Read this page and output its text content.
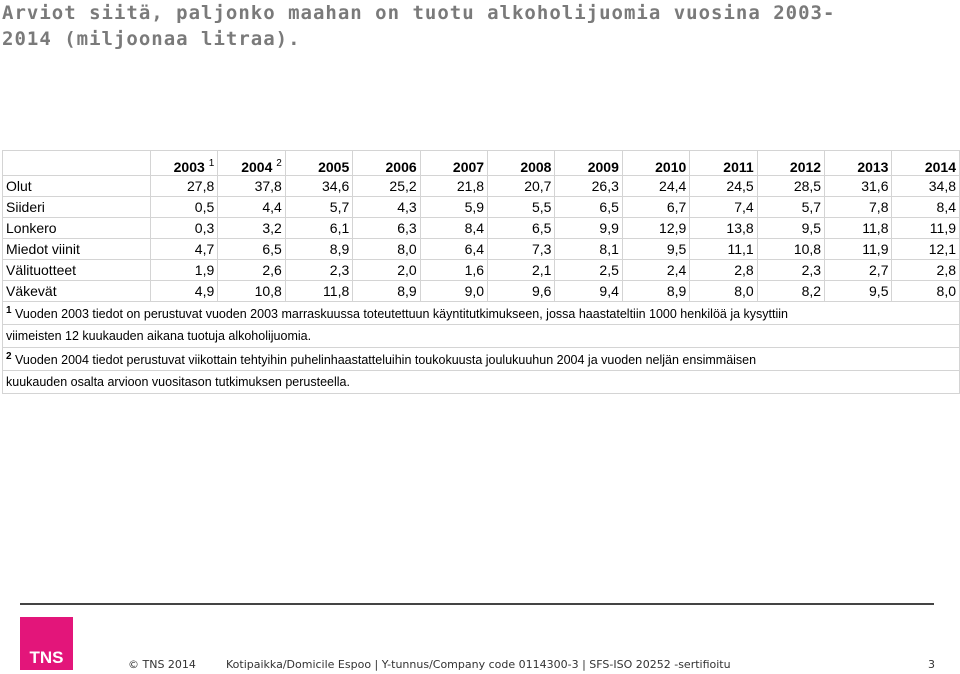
Arviot siitä, paljonko maahan on tuotu alkoholijuomia vuosina 2003-2014 (miljoonaa litraa).
	2003 $^1$	2004 $^2$	2005	2006	2007	2008	2009	2010	2011	2012	2013	2014
Olut	27,8	37,8	34,6	25,2	21,8	20,7	26,3	24,4	24,5	28,5	31,6	34,8
Siideri	0,5	4,4	5,7	4,3	5,9	5,5	6,5	6,7	7,4	5,7	7,8	8,4
Lonkero	0,3	3,2	6,1	6,3	8,4	6,5	9,9	12,9	13,8	9,5	11,8	11,9
Miedot viinit	4,7	6,5	8,9	8,0	6,4	7,3	8,1	9,5	11,1	10,8	11,9	12,1
Välituotteet	1,9	2,6	2,3	2,0	1,6	2,1	2,5	2,4	2,8	2,3	2,7	2,8
Väkevät	4,9	10,8	11,8	8,9	9,0	9,6	9,4	8,9	8,0	8,2	9,5	8,0
$^1$ Vuoden 2003 tiedot on perustuvat vuoden 2003 marraskuussa toteutettuun käyntitutkimukseen, jossa haastateltiin 1000 henkilöä ja kysyttiin												
viimeisten 12 kuukauden aikana tuotuja alkoholijuomia.												
$^2$ Vuoden 2004 tiedot perustuvat viikottain tehtyihin puhelinhaastatteluihin toukokuusta joulukuuhun 2004 ja vuoden neljän ensimmäisen												
kuukauden osalta arvioon vuositason tutkimuksen perusteella.												
TNS	© TNS 2014	Kotipaikka/Domicile Espoo | Y-tunnus/Company code 0114300-3 | SFS-ISO 20252 -sertifioitu	3
